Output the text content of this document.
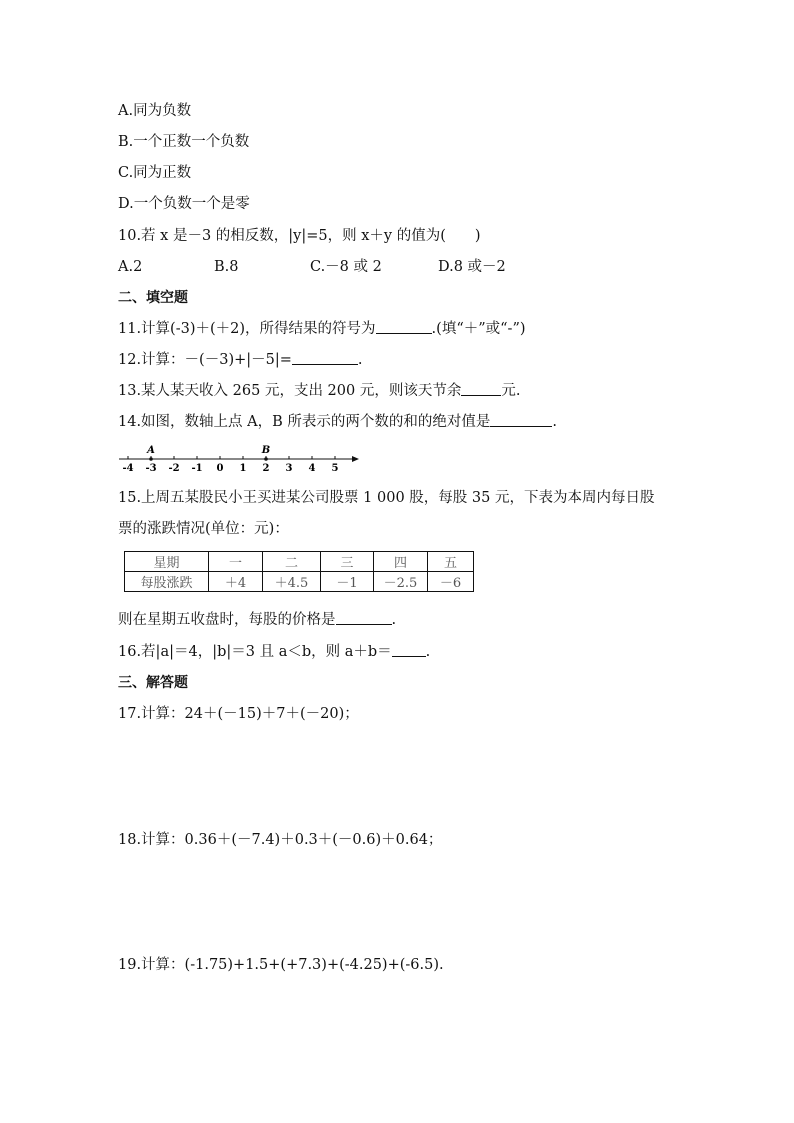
A.同为负数
B.一个正数一个负数
C.同为正数
D.一个负数一个是零
10.若 x 是－3 的相反数，|y|=5，则 x＋y 的值为(　　)
A.2	B.8	C.－8 或 2	D.8 或－2
二、填空题
11.计算(-3)＋(＋2)，所得结果的符号为	.(填“＋”或“-”)
12.计算：－(－3)+|－5|=	.
13.某人某天收入 265 元，支出 200 元，则该天节余	元.
14.如图，数轴上点 A，B 所表示的两个数的和的绝对值是	.
-4 -3 -2 -1 0 1 2 3 4 5
A	B
15.上周五某股民小王买进某公司股票 1 000 股，每股 35 元，下表为本周内每日股
票的涨跌情况(单位：元)：
星期	一	二	三	四	五
每股涨跌	＋4	＋4.5	－1	－2.5	－6
则在星期五收盘时，每股的价格是	.
16.若|a|＝4，|b|＝3 且 a＜b，则 a＋b＝ .
三、解答题
17.计算：24＋(－15)＋7＋(－20)；
18.计算：0.36＋(－7.4)＋0.3＋(－0.6)＋0.64；
19.计算：(-1.75)+1.5+(+7.3)+(-4.25)+(-6.5).
